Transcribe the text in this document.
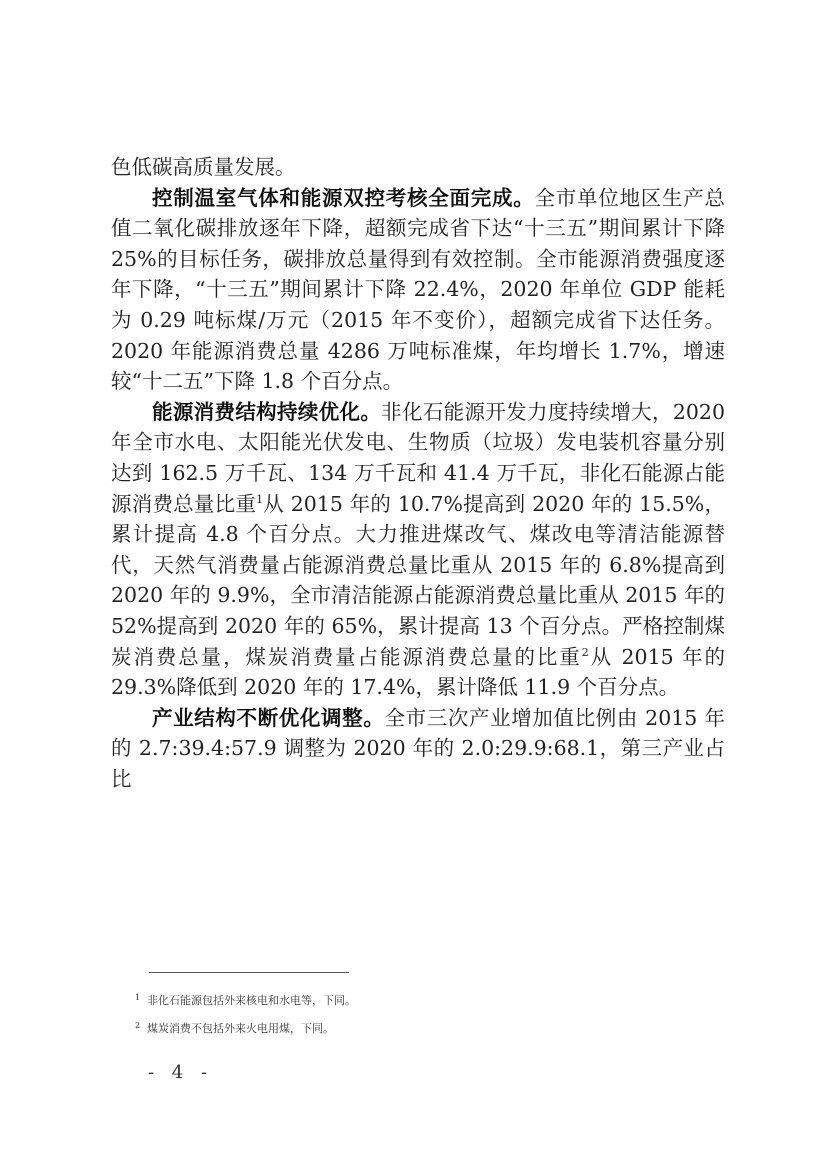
色低碳高质量发展。

控制温室气体和能源双控考核全面完成。全市单位地区生产总值二氧化碳排放逐年下降，超额完成省下达“十三五”期间累计下降 25%的目标任务，碳排放总量得到有效控制。全市能源消费强度逐年下降，“十三五”期间累计下降 22.4%，2020 年单位 GDP 能耗为 0.29 吨标煤/万元（2015 年不变价），超额完成省下达任务。2020 年能源消费总量 4286 万吨标准煤，年均增长 1.7%，增速较“十二五”下降 1.8 个百分点。

能源消费结构持续优化。非化石能源开发力度持续增大，2020 年全市水电、太阳能光伏发电、生物质（垃圾）发电装机容量分别达到 162.5 万千瓦、134 万千瓦和 41.4 万千瓦，非化石能源占能源消费总量比重$^1$从 2015 年的 10.7%提高到 2020 年的 15.5%，累计提高 4.8 个百分点。大力推进煤改气、煤改电等清洁能源替代，天然气消费量占能源消费总量比重从 2015 年的 6.8%提高到 2020 年的 9.9%，全市清洁能源占能源消费总量比重从 2015 年的 52%提高到 2020 年的 65%，累计提高 13 个百分点。严格控制煤炭消费总量，煤炭消费量占能源消费总量的比重$^2$从 2015 年的 29.3%降低到 2020 年的 17.4%，累计降低 11.9 个百分点。

产业结构不断优化调整。全市三次产业增加值比例由 2015 年的 2.7:39.4:57.9 调整为 2020 年的 2.0:29.9:68.1，第三产业占比

1 非化石能源包括外来核电和水电等，下同。
2 煤炭消费不包括外来火电用煤，下同。
- 4 -
